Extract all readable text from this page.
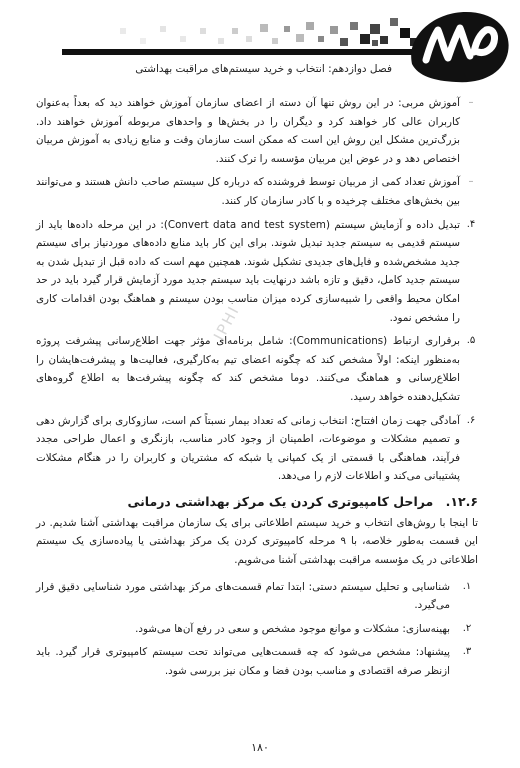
فصل دوازدهم: انتخاب و خرید سیستم‌های مراقبت بهداشتی
IPHI
–
آموزش مربی: در این روش تنها آن دسته از اعضای سازمان آموزش خواهند دید که بعداً به‌عنوان کاربران عالی کار خواهند کرد و دیگران را در بخش‌ها و واحدهای مربوطه آموزش خواهند داد. بزرگ‌ترین مشکل این روش این است که ممکن است سازمان وقت و منابع زیادی به آموزش مربیان اختصاص دهد و در عوض این مربیان مؤسسه را ترک کنند.
–
آموزش تعداد کمی از مربیان توسط فروشنده که درباره کل سیستم صاحب دانش هستند و می‌توانند بین بخش‌های مختلف چرخیده و با کادر سازمان کار کنند.
۴.
تبدیل داده و آزمایش سیستم (Convert data and test system): در این مرحله داده‌ها باید از سیستم قدیمی به سیستم جدید تبدیل شوند. برای این کار باید منابع داده‌های موردنیاز برای سیستم جدید مشخص‌شده و فایل‌های جدیدی تشکیل شوند. همچنین مهم است که داده قبل از تبدیل شدن به سیستم جدید کامل، دقیق و تازه باشد درنهایت باید سیستم جدید مورد آزمایش قرار گیرد باید در حد امکان محیط واقعی را شبیه‌سازی کرده میزان مناسب بودن سیستم و هماهنگ بودن اقدامات کاری را مشخص نمود.
۵.
برقراری ارتباط (Communications): شامل برنامه‌ای مؤثر جهت اطلاع‌رسانی پیشرفت پروژه به‌منظور اینکه: اولاً مشخص کند که چگونه اعضای تیم به‌کارگیری، فعالیت‌ها و پیشرفت‌هایشان را اطلاع‌رسانی و هماهنگ می‌کنند. دوما مشخص کند که چگونه پیشرفت‌ها به اطلاع گروه‌های تشکیل‌دهنده خواهد رسید.
۶.
آمادگی جهت زمان افتتاح: انتخاب زمانی که تعداد بیمار نسبتاً کم است، سازوکاری برای گزارش دهی و تصمیم مشکلات و موضوعات، اطمینان از وجود کادر مناسب، بازنگری و اعمال طراحی مجدد فرآیند، هماهنگی با قسمتی از یک کمپانی یا شبکه که مشتریان و کاربران را در هنگام مشکلات پشتیبانی می‌کند و اطلاعات لازم را می‌دهد.
۱۲.۶. مراحل کامپیوتری کردن یک مرکز بهداشتی درمانی
تا اینجا با روش‌های انتخاب و خرید سیستم اطلاعاتی برای یک سازمان مراقبت بهداشتی آشنا شدیم. در این قسمت به‌طور خلاصه، با ۹ مرحله کامپیوتری کردن یک مرکز بهداشتی یا پیاده‌سازی یک سیستم اطلاعاتی در یک مؤسسه مراقبت بهداشتی آشنا می‌شویم.
۱.
شناسایی و تحلیل سیستم دستی: ابتدا تمام قسمت‌های مرکز بهداشتی مورد شناسایی دقیق قرار می‌گیرد.
۲.
بهینه‌سازی: مشکلات و موانع موجود مشخص و سعی در رفع آن‌ها می‌شود.
۳.
پیشنهاد: مشخص می‌شود که چه قسمت‌هایی می‌تواند تحت سیستم کامپیوتری قرار گیرد. باید ازنظر صرفه اقتصادی و مناسب بودن فضا و مکان نیز بررسی شود.
۱۸۰
